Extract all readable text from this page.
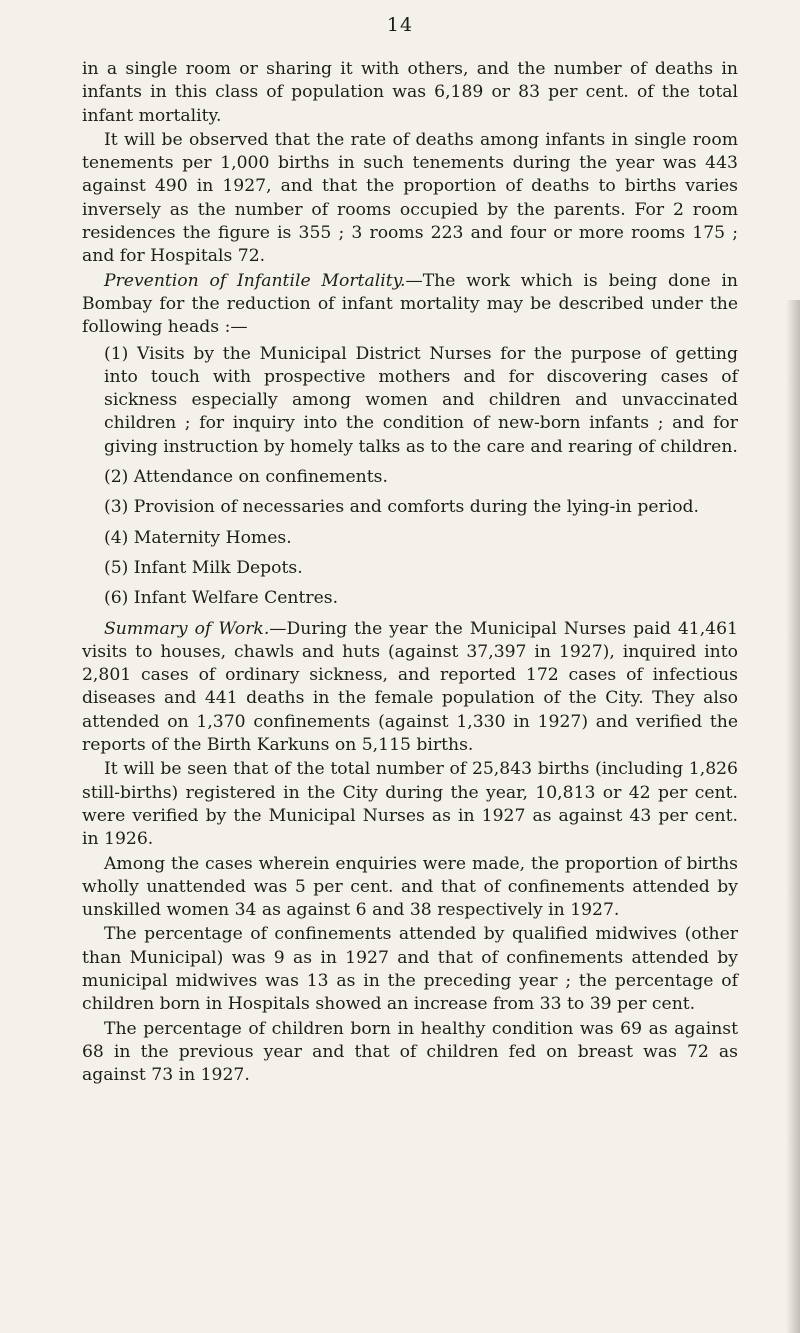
14

in a single room or sharing it with others, and the number of deaths in infants in this class of population was 6,189 or 83 per cent. of the total infant mortality.

It will be observed that the rate of deaths among infants in single room tenements per 1,000 births in such tenements during the year was 443 against 490 in 1927, and that the proportion of deaths to births varies inversely as the number of rooms occupied by the parents. For 2 room residences the figure is 355 ; 3 rooms 223 and four or more rooms 175 ; and for Hospitals 72.

Prevention of Infantile Mortality.—The work which is being done in Bombay for the reduction of infant mortality may be described under the following heads :—

(1) Visits by the Municipal District Nurses for the purpose of getting into touch with prospective mothers and for discovering cases of sickness especially among women and children and unvaccinated children ; for inquiry into the condition of new-born infants ; and for giving instruction by homely talks as to the care and rearing of children.
(2) Attendance on confinements.
(3) Provision of necessaries and comforts during the lying-in period.
(4) Maternity Homes.
(5) Infant Milk Depots.
(6) Infant Welfare Centres.

Summary of Work.—During the year the Municipal Nurses paid 41,461 visits to houses, chawls and huts (against 37,397 in 1927), inquired into 2,801 cases of ordinary sickness, and reported 172 cases of infectious diseases and 441 deaths in the female population of the City. They also attended on 1,370 confinements (against 1,330 in 1927) and verified the reports of the Birth Karkuns on 5,115 births.

It will be seen that of the total number of 25,843 births (including 1,826 still-births) registered in the City during the year, 10,813 or 42 per cent. were verified by the Municipal Nurses as in 1927 as against 43 per cent. in 1926.

Among the cases wherein enquiries were made, the proportion of births wholly unattended was 5 per cent. and that of confinements attended by unskilled women 34 as against 6 and 38 respectively in 1927.

The percentage of confinements attended by qualified midwives (other than Municipal) was 9 as in 1927 and that of confinements attended by municipal midwives was 13 as in the preceding year ; the percentage of children born in Hospitals showed an increase from 33 to 39 per cent.

The percentage of children born in healthy condition was 69 as against 68 in the previous year and that of children fed on breast was 72 as against 73 in 1927.
